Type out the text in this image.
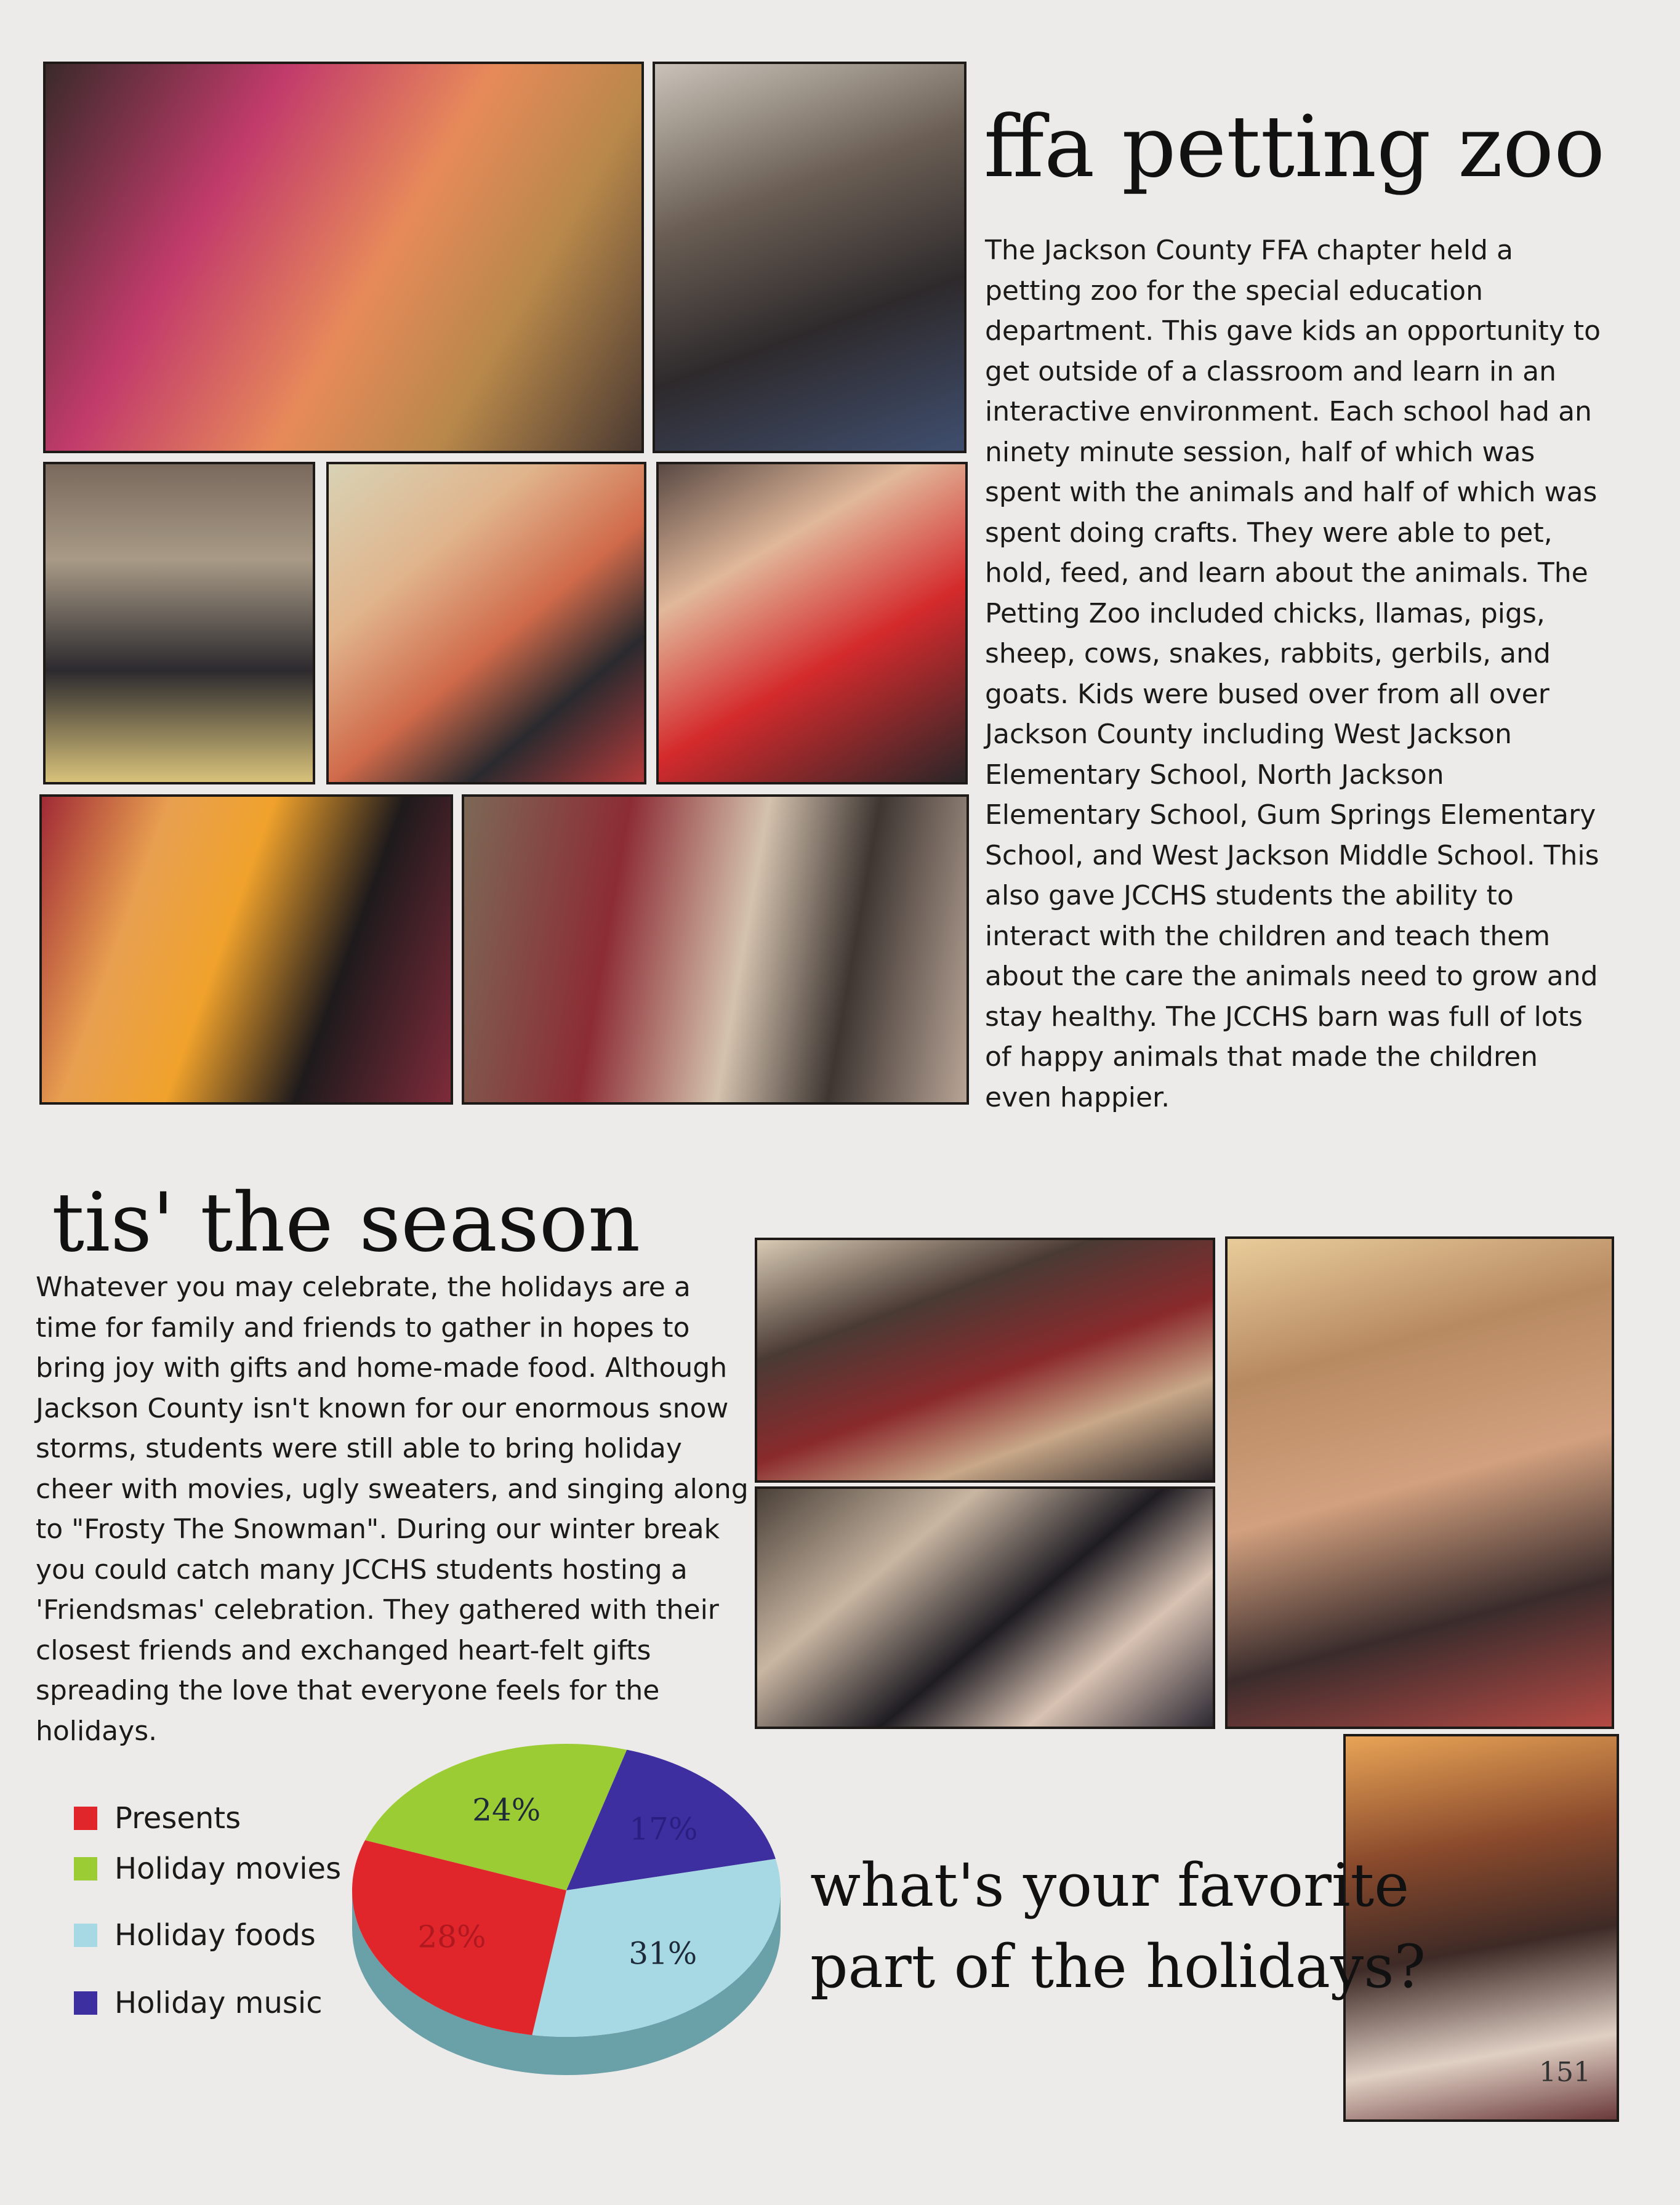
ffa petting zoo

The Jackson County FFA chapter held a petting zoo for the special education department. This gave kids an opportunity to get outside of a classroom and learn in an interactive environment. Each school had an ninety minute session, half of which was spent with the animals and half of which was spent doing crafts. They were able to pet, hold, feed, and learn about the animals. The Petting Zoo included chicks, llamas, pigs, sheep, cows, snakes, rabbits, gerbils, and goats. Kids were bused over from all over Jackson County including West Jackson Elementary School, North Jackson Elementary School, Gum Springs Elementary School, and West Jackson Middle School. This also gave JCCHS students the ability to interact with the children and teach them about the care the animals need to grow and stay healthy. The JCCHS barn was full of lots of happy animals that made the children even happier.

tis' the season

Whatever you may celebrate, the holidays are a time for family and friends to gather in hopes to bring joy with gifts and home-made food. Although Jackson County isn't known for our enormous snow storms, students were still able to bring holiday cheer with movies, ugly sweaters, and singing along to "Frosty The Snowman". During our winter break you could catch many JCCHS students hosting a 'Friendsmas' celebration. They gathered with their closest friends and exchanged heart-felt gifts spreading the love that everyone feels for the holidays.

Presents
Holiday movies
Holiday foods
Holiday music
24%
17%
31%
28%
what's your favorite
part of the holidays?
151
